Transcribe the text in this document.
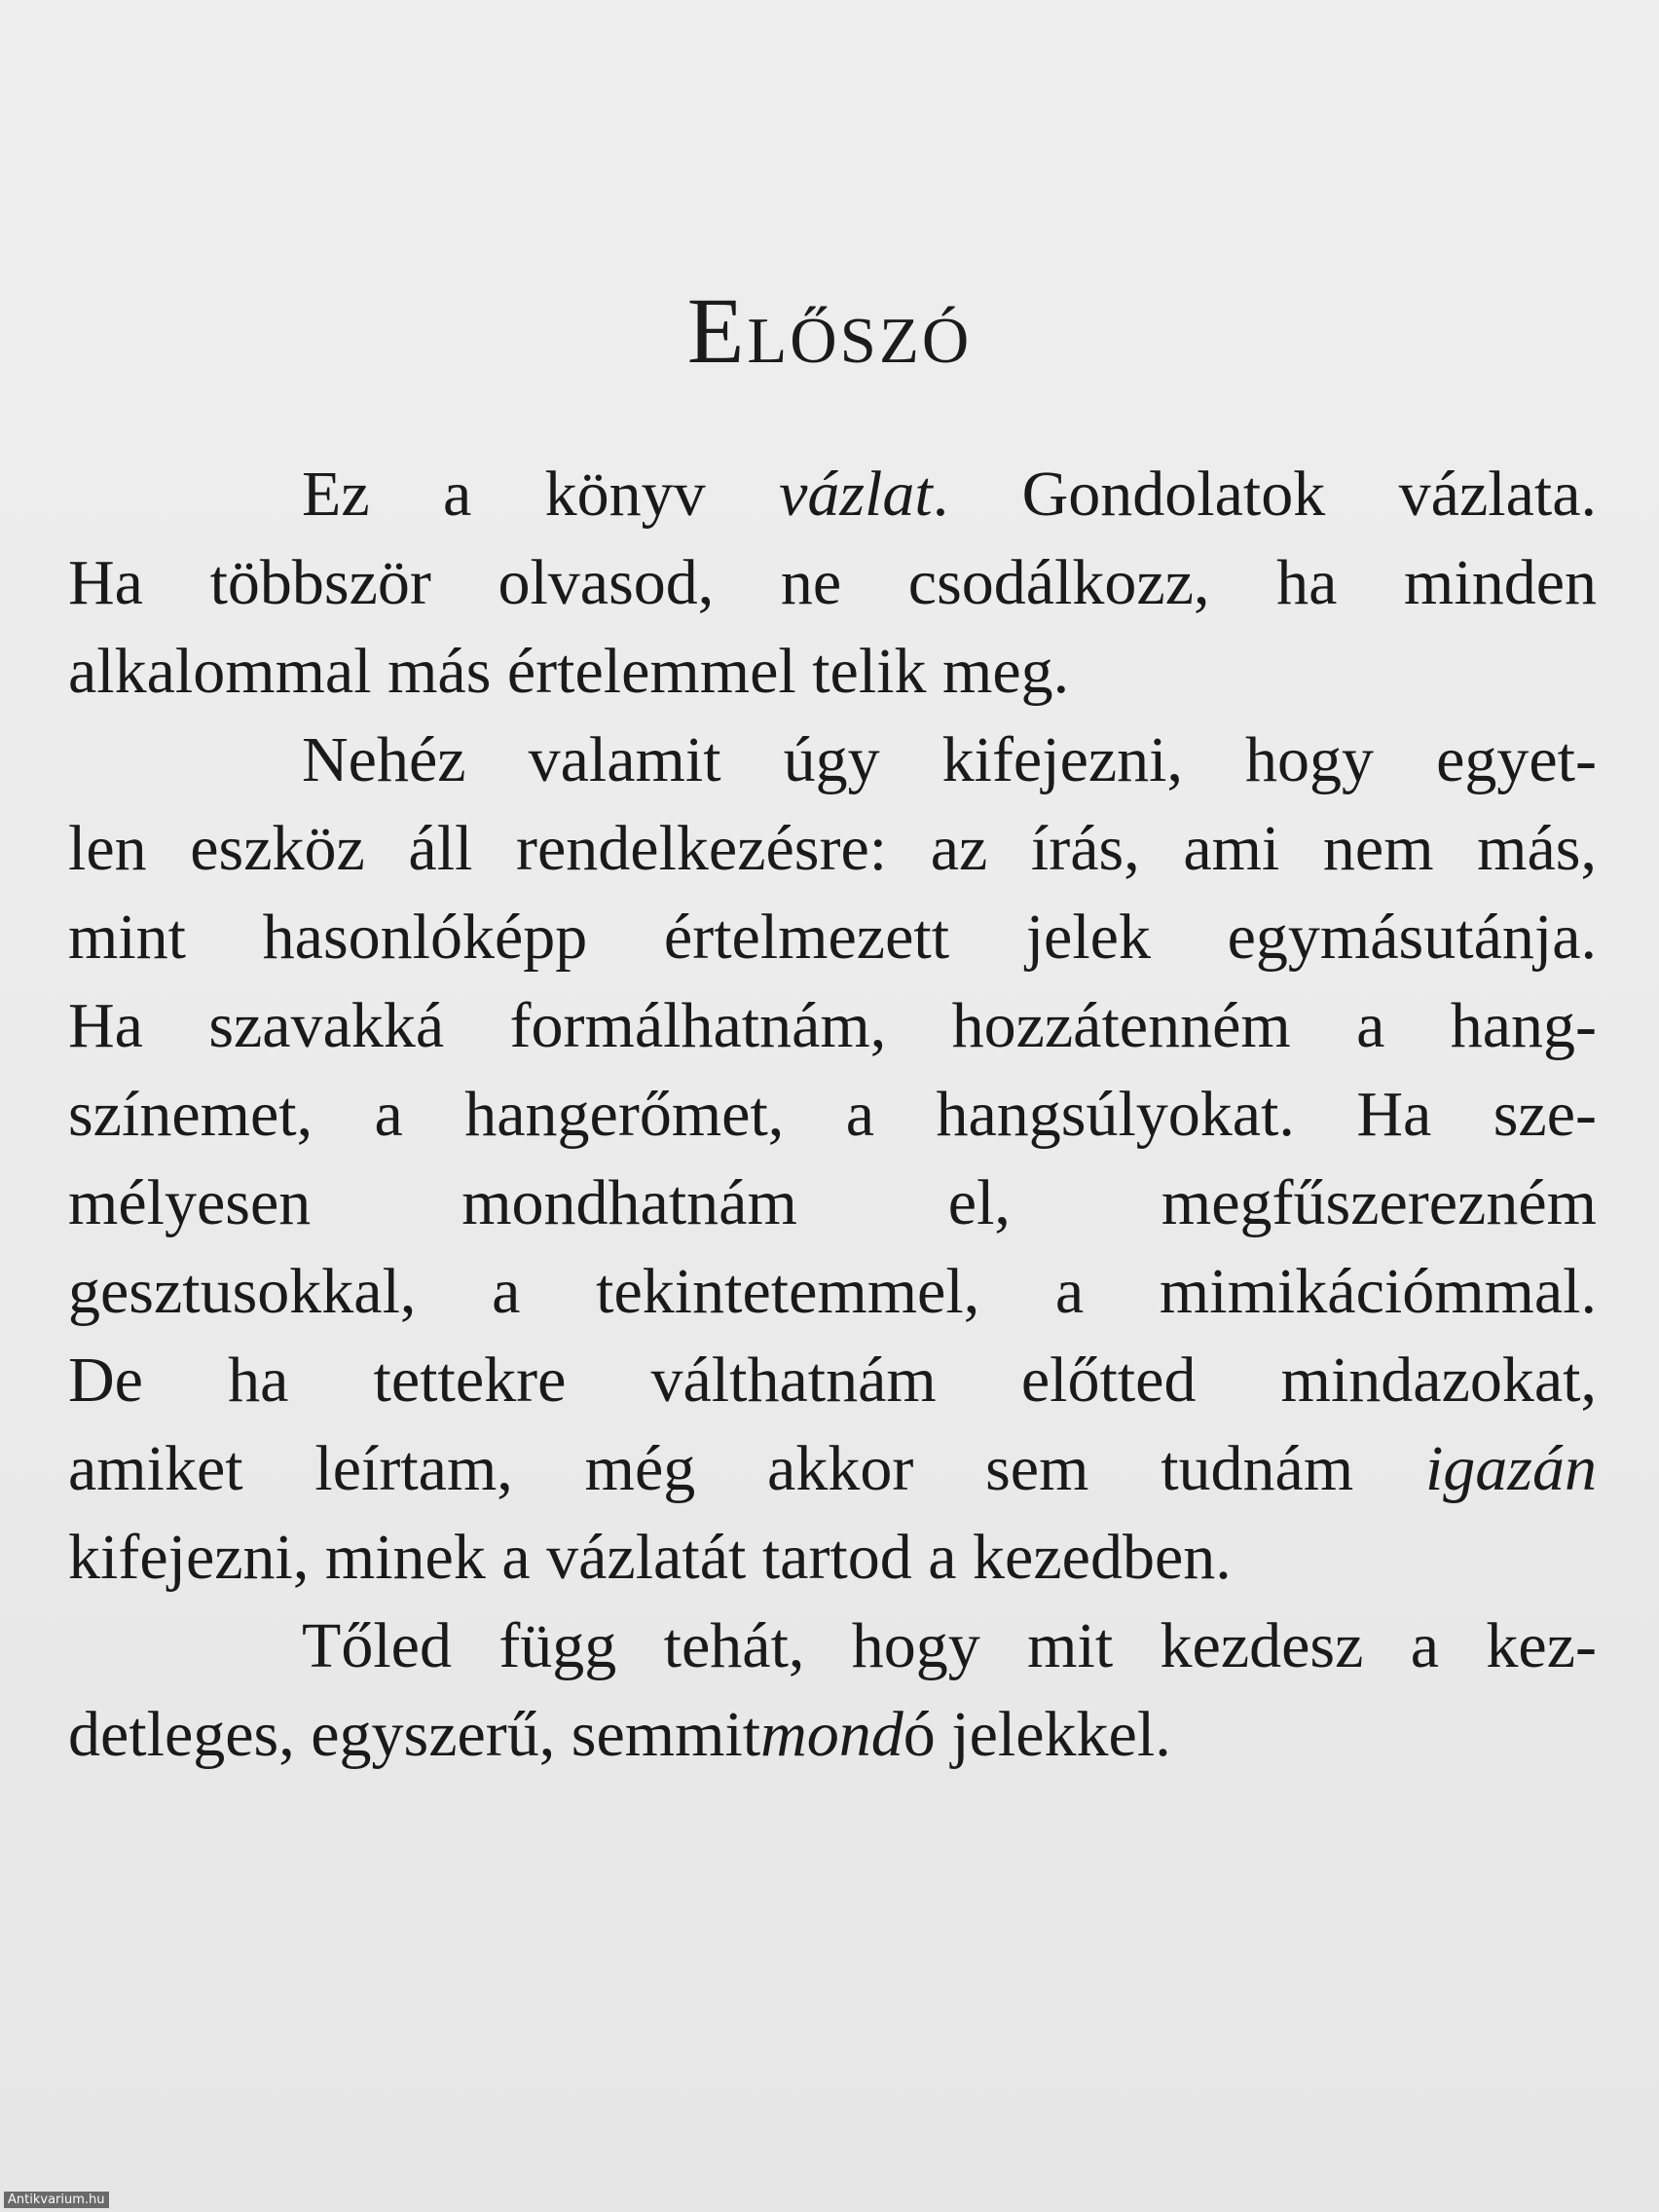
Előszó
Ez a könyv vázlat. Gondolatok vázlata.
Ha többször olvasod, ne csodálkozz, ha minden
alkalommal más értelemmel telik meg.
Nehéz valamit úgy kifejezni, hogy egyet-
len eszköz áll rendelkezésre: az írás, ami nem más,
mint hasonlóképp értelmezett jelek egymásutánja.
Ha szavakká formálhatnám, hozzátenném a hang-
színemet, a hangerőmet, a hangsúlyokat. Ha sze-
mélyesen mondhatnám el, megfűszerezném
gesztusokkal, a tekintetemmel, a mimikációmmal.
De ha tettekre válthatnám előtted mindazokat,
amiket leírtam, még akkor sem tudnám igazán
kifejezni, minek a vázlatát tartod a kezedben.
Tőled függ tehát, hogy mit kezdesz a kez-
detleges, egyszerű, semmitmondó jelekkel.
Antikvarium.hu
